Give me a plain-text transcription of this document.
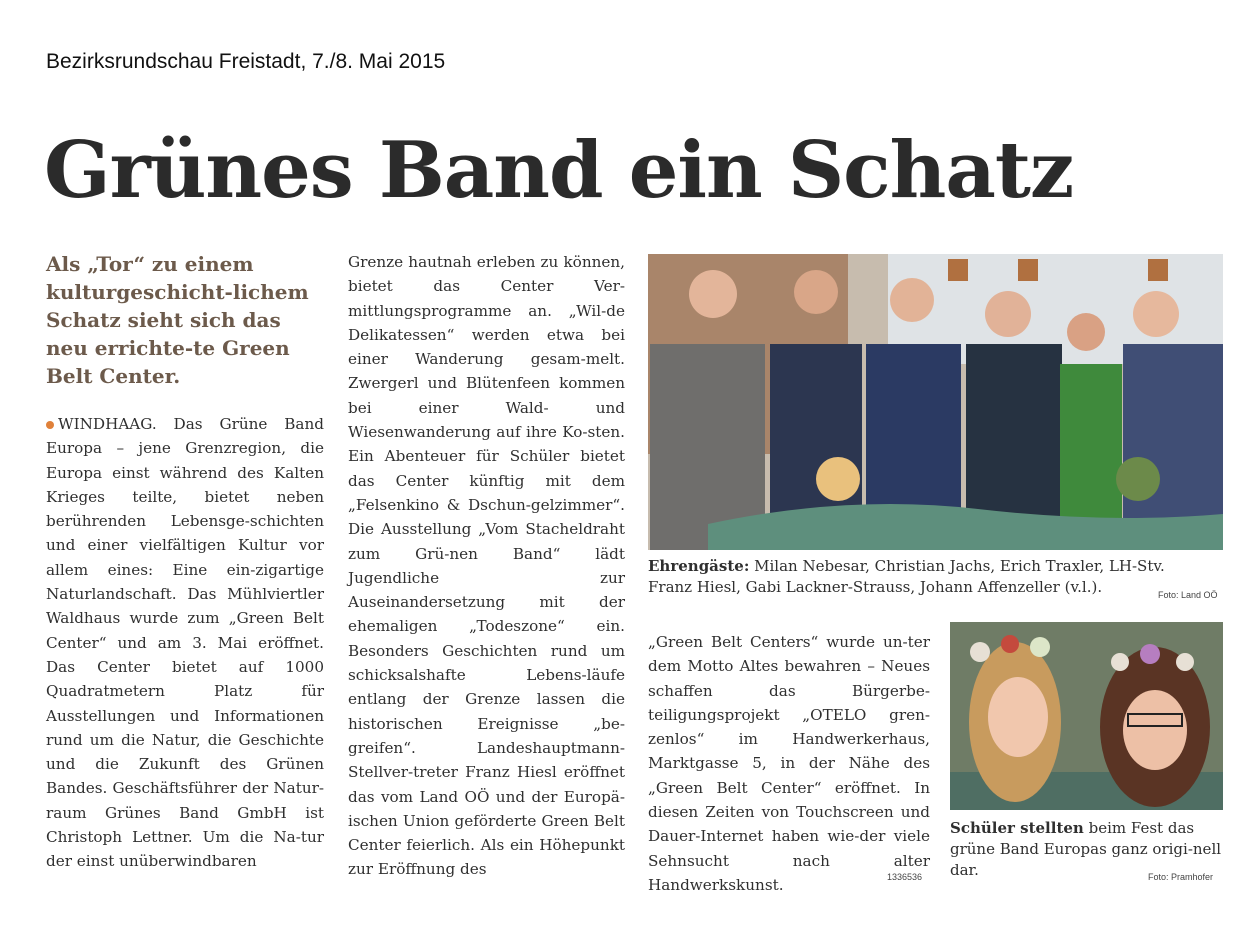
Bezirksrundschau Freistadt, 7./8. Mai 2015
Grünes Band ein Schatz
Als „Tor“ zu einem kulturgeschicht-lichem Schatz sieht sich das neu errichte-te Green Belt Center.
WINDHAAG. Das Grüne Band Europa – jene Grenzregion, die Europa einst während des Kalten Krieges teilte, bietet neben berührenden Lebensge-schichten und einer vielfältigen Kultur vor allem eines: Eine ein-zigartige Naturlandschaft. Das Mühlviertler Waldhaus wurde zum „Green Belt Center“ und am 3. Mai eröffnet. Das Center bietet auf 1000 Quadratmetern Platz für Ausstellungen und Informationen rund um die Natur, die Geschichte und die Zukunft des Grünen Bandes. Geschäftsführer der Natur-raum Grünes Band GmbH ist Christoph Lettner. Um die Na-tur der einst unüberwindbaren
Grenze hautnah erleben zu können, bietet das Center Ver-mittlungsprogramme an. „Wil-de Delikatessen“ werden etwa bei einer Wanderung gesam-melt. Zwergerl und Blütenfeen kommen bei einer Wald- und Wiesenwanderung auf ihre Ko-sten. Ein Abenteuer für Schüler bietet das Center künftig mit dem „Felsenkino & Dschun-gelzimmer“. Die Ausstellung „Vom Stacheldraht zum Grü-nen Band“ lädt Jugendliche zur Auseinandersetzung mit der ehemaligen „Todeszone“ ein. Besonders Geschichten rund um schicksalshafte Lebens-läufe entlang der Grenze lassen die historischen Ereignisse „be-greifen“. Landeshauptmann-Stellver-treter Franz Hiesl eröffnet das vom Land OÖ und der Europä-ischen Union geförderte Green Belt Center feierlich. Als ein Höhepunkt zur Eröffnung des
„Green Belt Centers“ wurde un-ter dem Motto Altes bewahren – Neues schaffen das Bürgerbe-teiligungsprojekt „OTELO gren-zenlos“ im Handwerkerhaus, Marktgasse 5, in der Nähe des „Green Belt Center“ eröffnet. In diesen Zeiten von Touchscreen und Dauer-Internet haben wie-der viele Sehnsucht nach alter Handwerkskunst.	1336536
Ehrengäste: Milan Nebesar, Christian Jachs, Erich Traxler, LH-Stv. Franz Hiesl, Gabi Lackner-Strauss, Johann Affenzeller (v.l.).	Foto: Land OÖ
Schüler stellten beim Fest das grüne Band Europas ganz origi-nell dar.	Foto: Pramhofer
